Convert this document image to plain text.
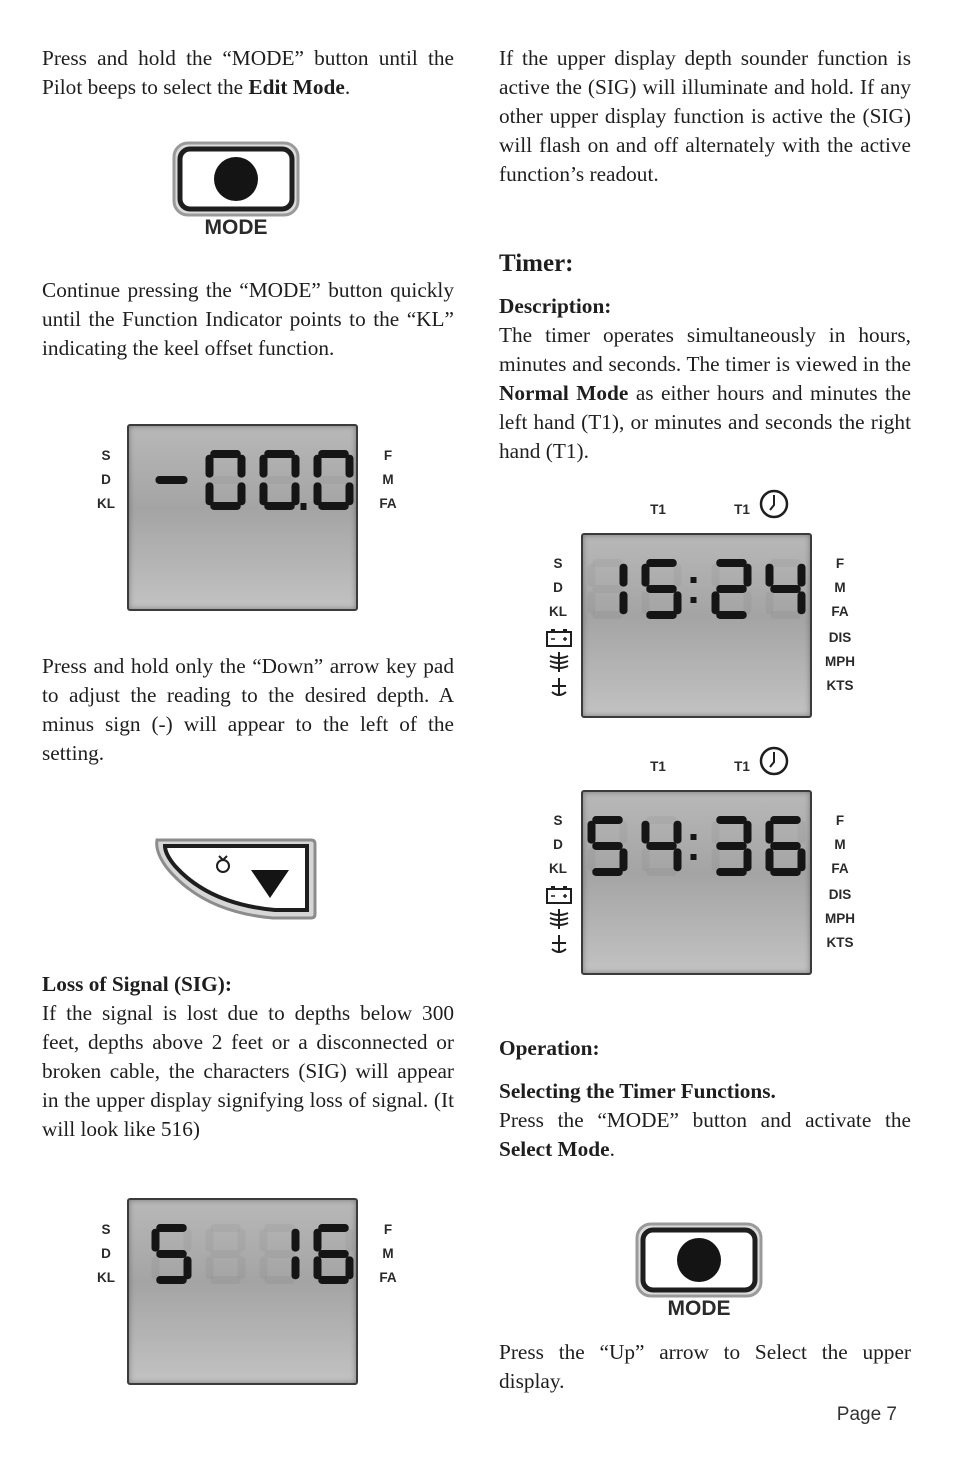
Press and hold the “MODE” button until the Pilot beeps to select the Edit Mode.

MODE

Continue pressing the “MODE” button quickly until the Function Indicator points to the “KL” indicating the keel offset function.

S
D
KL
F
M
FA

Press and hold only the “Down” arrow key pad to adjust the reading to the desired depth. A minus sign (-) will appear to the left of the setting.

Loss of Signal (SIG):

If the signal is lost due to depths below 300 feet, depths above 2 feet or a disconnected or broken cable, the characters (SIG) will appear in the upper display signifying loss of signal. (It will look like 516)

S
D
KL
F
M
FA

If the upper display depth sounder function is active the (SIG) will illuminate and hold. If any other upper display function is active the (SIG) will flash on and off alternately with the active function’s readout.

Timer:
Description:

The timer operates simultaneously in hours, minutes and seconds. The timer is viewed in the Normal Mode as either hours and minutes the left hand (T1), or minutes and seconds the right hand (T1).

T1	T1
S
D
KL
F
M
FA
DIS
MPH
KTS
T1	T1
S
D
KL
F
M
FA
DIS
MPH
KTS
Operation:
Selecting the Timer Functions.

Press the “MODE” button and activate the Select Mode.

MODE

Press the “Up” arrow to Select the upper display.

Page 7
